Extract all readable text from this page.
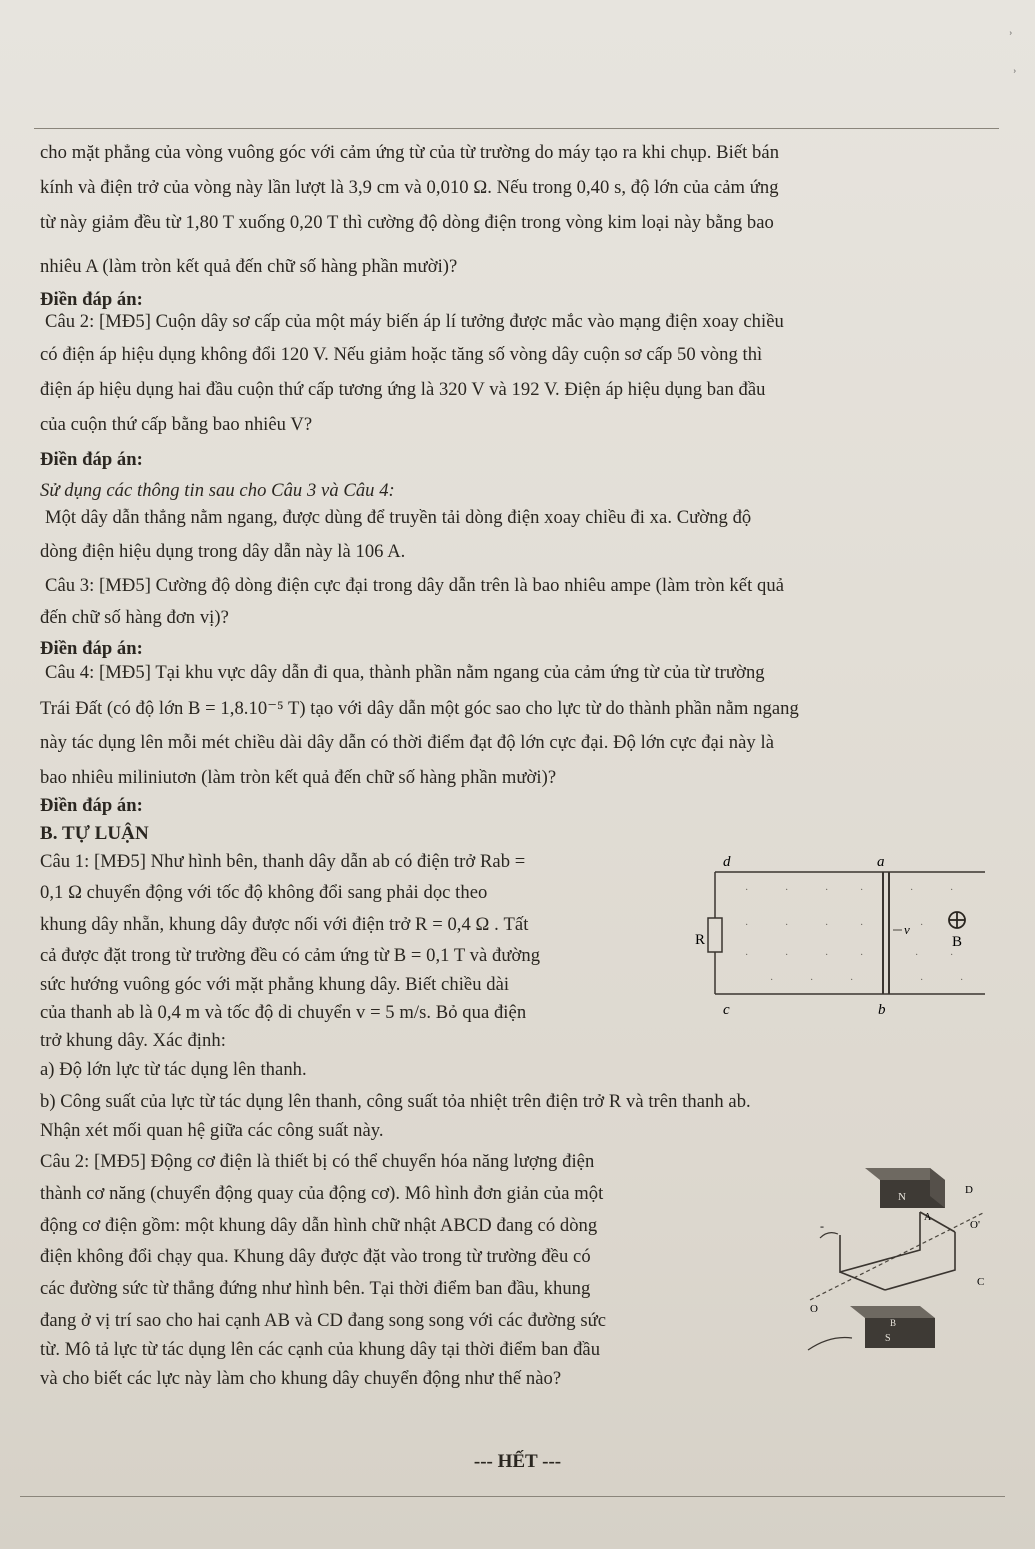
ʾ
ʾ
cho mặt phẳng của vòng vuông góc với cảm ứng từ của từ trường do máy tạo ra khi chụp. Biết bán
kính và điện trở của vòng này lần lượt là 3,9 cm và 0,010 Ω. Nếu trong 0,40 s, độ lớn của cảm ứng
từ này giảm đều từ 1,80 T xuống 0,20 T thì cường độ dòng điện trong vòng kim loại này bằng bao
nhiêu A (làm tròn kết quả đến chữ số hàng phần mười)?
Điền đáp án:
Câu 2: [MĐ5] Cuộn dây sơ cấp của một máy biến áp lí tưởng được mắc vào mạng điện xoay chiều
có điện áp hiệu dụng không đổi 120 V. Nếu giảm hoặc tăng số vòng dây cuộn sơ cấp 50 vòng thì
điện áp hiệu dụng hai đầu cuộn thứ cấp tương ứng là 320 V và 192 V. Điện áp hiệu dụng ban đầu
của cuộn thứ cấp bằng bao nhiêu V?
Điền đáp án:
Sử dụng các thông tin sau cho Câu 3 và Câu 4:
Một dây dẫn thẳng nằm ngang, được dùng để truyền tải dòng điện xoay chiều đi xa. Cường độ
dòng điện hiệu dụng trong dây dẫn này là 106 A.
Câu 3: [MĐ5] Cường độ dòng điện cực đại trong dây dẫn trên là bao nhiêu ampe (làm tròn kết quả
đến chữ số hàng đơn vị)?
Điền đáp án:
Câu 4: [MĐ5] Tại khu vực dây dẫn đi qua, thành phần nằm ngang của cảm ứng từ của từ trường
Trái Đất (có độ lớn B = 1,8.10⁻⁵ T) tạo với dây dẫn một góc sao cho lực từ do thành phần nằm ngang
này tác dụng lên mỗi mét chiều dài dây dẫn có thời điểm đạt độ lớn cực đại. Độ lớn cực đại này là
bao nhiêu miliniutơn (làm tròn kết quả đến chữ số hàng phần mười)?
Điền đáp án:
B. TỰ LUẬN
Câu 1: [MĐ5] Như hình bên, thanh dây dẫn ab có điện trở Rab =
0,1 Ω chuyển động với tốc độ không đổi sang phải dọc theo
khung dây nhẵn, khung dây được nối với điện trở R = 0,4 Ω . Tất
cả được đặt trong từ trường đều có cảm ứng từ B = 0,1 T và đường
sức hướng vuông góc với mặt phẳng khung dây. Biết chiều dài
của thanh ab là 0,4 m và tốc độ di chuyển v = 5 m/s. Bỏ qua điện
trở khung dây. Xác định:
a) Độ lớn lực từ tác dụng lên thanh.
b) Công suất của lực từ tác dụng lên thanh, công suất tỏa nhiệt trên điện trở R và trên thanh ab.
Nhận xét mối quan hệ giữa các công suất này.
Câu 2: [MĐ5] Động cơ điện là thiết bị có thể chuyển hóa năng lượng điện
thành cơ năng (chuyển động quay của động cơ). Mô hình đơn giản của một
động cơ điện gồm: một khung dây dẫn hình chữ nhật ABCD đang có dòng
điện không đổi chạy qua. Khung dây được đặt vào trong từ trường đều có
các đường sức từ thẳng đứng như hình bên. Tại thời điểm ban đầu, khung
đang ở vị trí sao cho hai cạnh AB và CD đang song song với các đường sức
từ. Mô tả lực từ tác dụng lên các cạnh của khung dây tại thời điểm ban đầu
và cho biết các lực này làm cho khung dây chuyển động như thế nào?
·	·	·	·	·	·
·	·	·	·	·
·	·	·	·	·	·
·	·	·	·	·
d	a
R
v
B
c	b
N
S
-
D
A
O'
C
O
B
--- HẾT ---
